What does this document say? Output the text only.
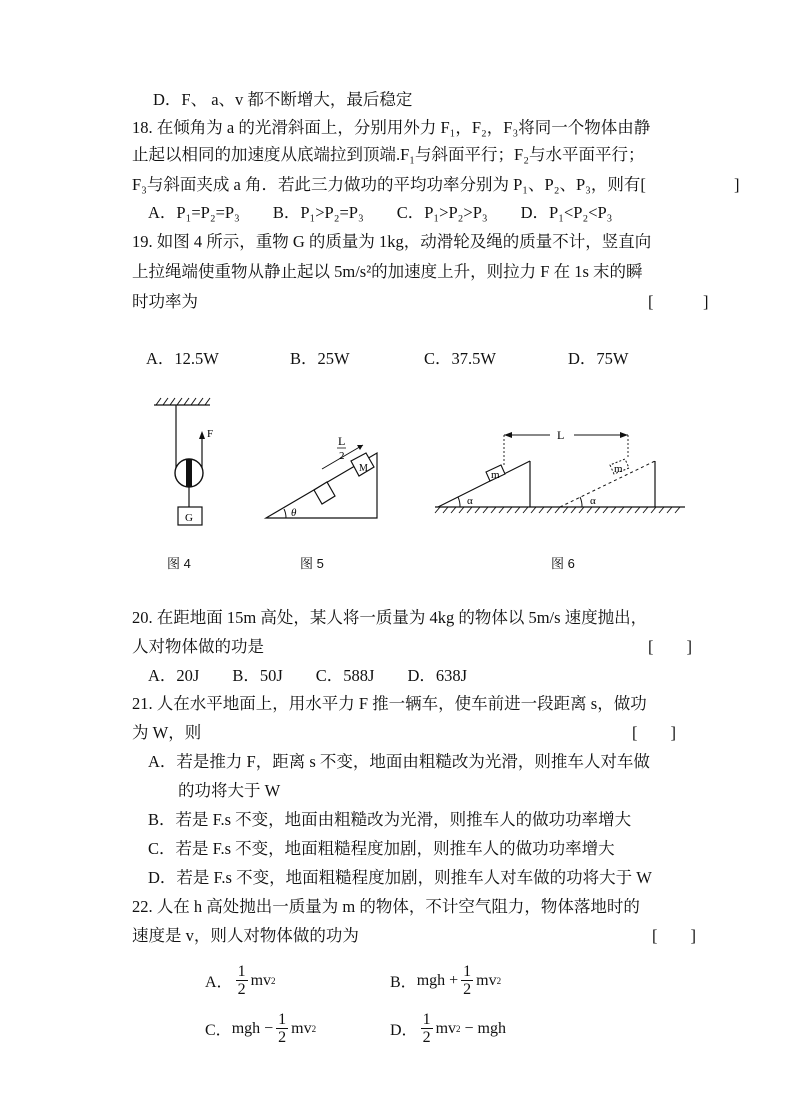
D．F、 a、v 都不断增大，最后稳定
18. 在倾角为 a 的光滑斜面上，分别用外力 F₁，F₂，F₃将同一个物体由静
止起以相同的加速度从底端拉到顶端.F₁与斜面平行；F₂与水平面平行；
F₃与斜面夹成 a 角．若此三力做功的平均功率分别为 P₁、P₂、P₃，则有[	]
A．P₁=P₂=P₃　　B．P₁>P₂=P₃　　C．P₁>P₂>P₃　　D．P₁<P₂<P₃
19. 如图 4 所示，重物 G 的质量为 1kg，动滑轮及绳的质量不计，竖直向
上拉绳端使重物从静止起以 5m/s²的加速度上升，则拉力 F 在 1s 末的瞬
时功率为	[　　　]
A．12.5W	B．25W	C．37.5W	D．75W
F
G
L
2
M
θ
m
α
m
α
L
图 4	图 5	图 6
20. 在距地面 15m 高处，某人将一质量为 4kg 的物体以 5m/s 速度抛出，
人对物体做的功是	[　　]
A．20J　　B．50J　　C．588J　　D．638J
21. 人在水平地面上，用水平力 F 推一辆车，使车前进一段距离 s，做功
为 W，则	[　　]
A．若是推力 F，距离 s 不变，地面由粗糙改为光滑，则推车人对车做
的功将大于 W
B．若是 F.s 不变，地面由粗糙改为光滑，则推车人的做功功率增大
C．若是 F.s 不变，地面粗糙程度加剧，则推车人的做功功率增大
D．若是 F.s 不变，地面粗糙程度加剧，则推车人对车做的功将大于 W
22. 人在 h 高处抛出一质量为 m 的物体，不计空气阻力，物体落地时的
速度是 v，则人对物体做的功为	[　　]
A． $\frac{1}{2}$ mv 2	B． mgh + $\frac{1}{2}$ mv 2
C． mgh − $\frac{1}{2}$ mv 2	D． $\frac{1}{2}$ mv 2 − mgh
